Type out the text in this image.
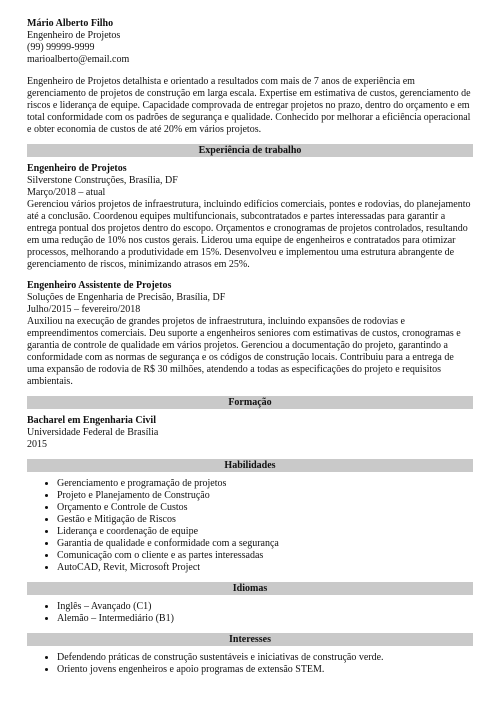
Mário Alberto Filho
Engenheiro de Projetos
(99) 99999-9999
marioalberto@email.com
Engenheiro de Projetos detalhista e orientado a resultados com mais de 7 anos de experiência em gerenciamento de projetos de construção em larga escala. Expertise em estimativa de custos, gerenciamento de riscos e liderança de equipe. Capacidade comprovada de entregar projetos no prazo, dentro do orçamento e em total conformidade com os padrões de segurança e qualidade. Conhecido por melhorar a eficiência operacional e obter economia de custos de até 20% em vários projetos.
Experiência de trabalho
Engenheiro de Projetos
Silverstone Construções, Brasília, DF
Março/2018 – atual
Gerenciou vários projetos de infraestrutura, incluindo edifícios comerciais, pontes e rodovias, do planejamento até a conclusão. Coordenou equipes multifuncionais, subcontratados e partes interessadas para garantir a entrega pontual dos projetos dentro do escopo. Orçamentos e cronogramas de projetos controlados, resultando em uma redução de 10% nos custos gerais. Liderou uma equipe de engenheiros e contratados para otimizar processos, melhorando a produtividade em 15%. Desenvolveu e implementou uma estrutura abrangente de gerenciamento de riscos, minimizando atrasos em 25%.
Engenheiro Assistente de Projetos
Soluções de Engenharia de Precisão, Brasília, DF
Julho/2015 – fevereiro/2018
Auxiliou na execução de grandes projetos de infraestrutura, incluindo expansões de rodovias e empreendimentos comerciais. Deu suporte a engenheiros seniores com estimativas de custos, cronogramas e garantia de controle de qualidade em vários projetos. Gerenciou a documentação do projeto, garantindo a conformidade com as normas de segurança e os códigos de construção locais. Contribuiu para a entrega de uma expansão de rodovia de R$ 30 milhões, atendendo a todas as especificações do projeto e requisitos ambientais.
Formação
Bacharel em Engenharia Civil
Universidade Federal de Brasília
2015
Habilidades
• Gerenciamento e programação de projetos
• Projeto e Planejamento de Construção
• Orçamento e Controle de Custos
• Gestão e Mitigação de Riscos
• Liderança e coordenação de equipe
• Garantia de qualidade e conformidade com a segurança
• Comunicação com o cliente e as partes interessadas
• AutoCAD, Revit, Microsoft Project
Idiomas
• Inglês – Avançado (C1)
• Alemão – Intermediário (B1)
Interesses
• Defendendo práticas de construção sustentáveis e iniciativas de construção verde.
• Oriento jovens engenheiros e apoio programas de extensão STEM.
